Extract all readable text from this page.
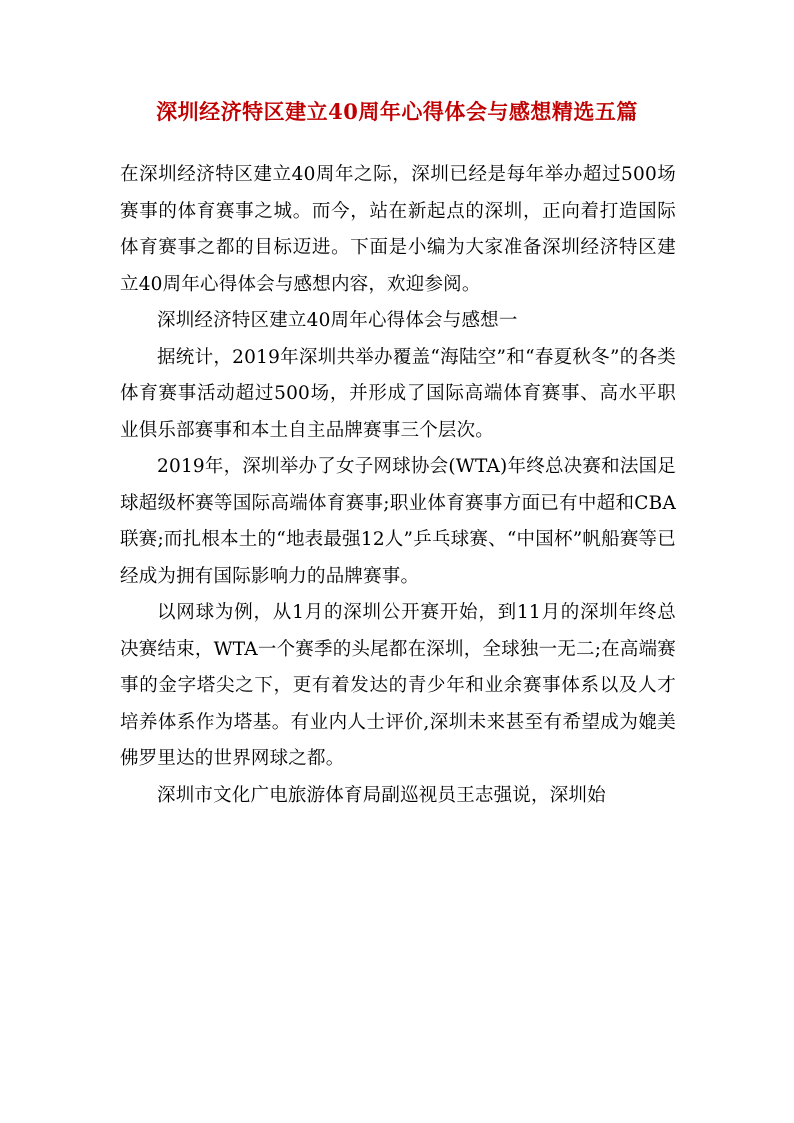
深圳经济特区建立40周年心得体会与感想精选五篇

在深圳经济特区建立40周年之际，深圳已经是每年举办超过500场赛事的体育赛事之城。而今，站在新起点的深圳，正向着打造国际体育赛事之都的目标迈进。下面是小编为大家准备深圳经济特区建立40周年心得体会与感想内容，欢迎参阅。

深圳经济特区建立40周年心得体会与感想一

据统计，2019年深圳共举办覆盖“海陆空”和“春夏秋冬”的各类体育赛事活动超过500场，并形成了国际高端体育赛事、高水平职业俱乐部赛事和本土自主品牌赛事三个层次。

2019年，深圳举办了女子网球协会(WTA)年终总决赛和法国足球超级杯赛等国际高端体育赛事;职业体育赛事方面已有中超和CBA联赛;而扎根本土的“地表最强12人”乒乓球赛、“中国杯”帆船赛等已经成为拥有国际影响力的品牌赛事。

以网球为例，从1月的深圳公开赛开始，到11月的深圳年终总决赛结束，WTA一个赛季的头尾都在深圳，全球独一无二;在高端赛事的金字塔尖之下，更有着发达的青少年和业余赛事体系以及人才培养体系作为塔基。有业内人士评价,深圳未来甚至有希望成为媲美佛罗里达的世界网球之都。

深圳市文化广电旅游体育局副巡视员王志强说，深圳始
